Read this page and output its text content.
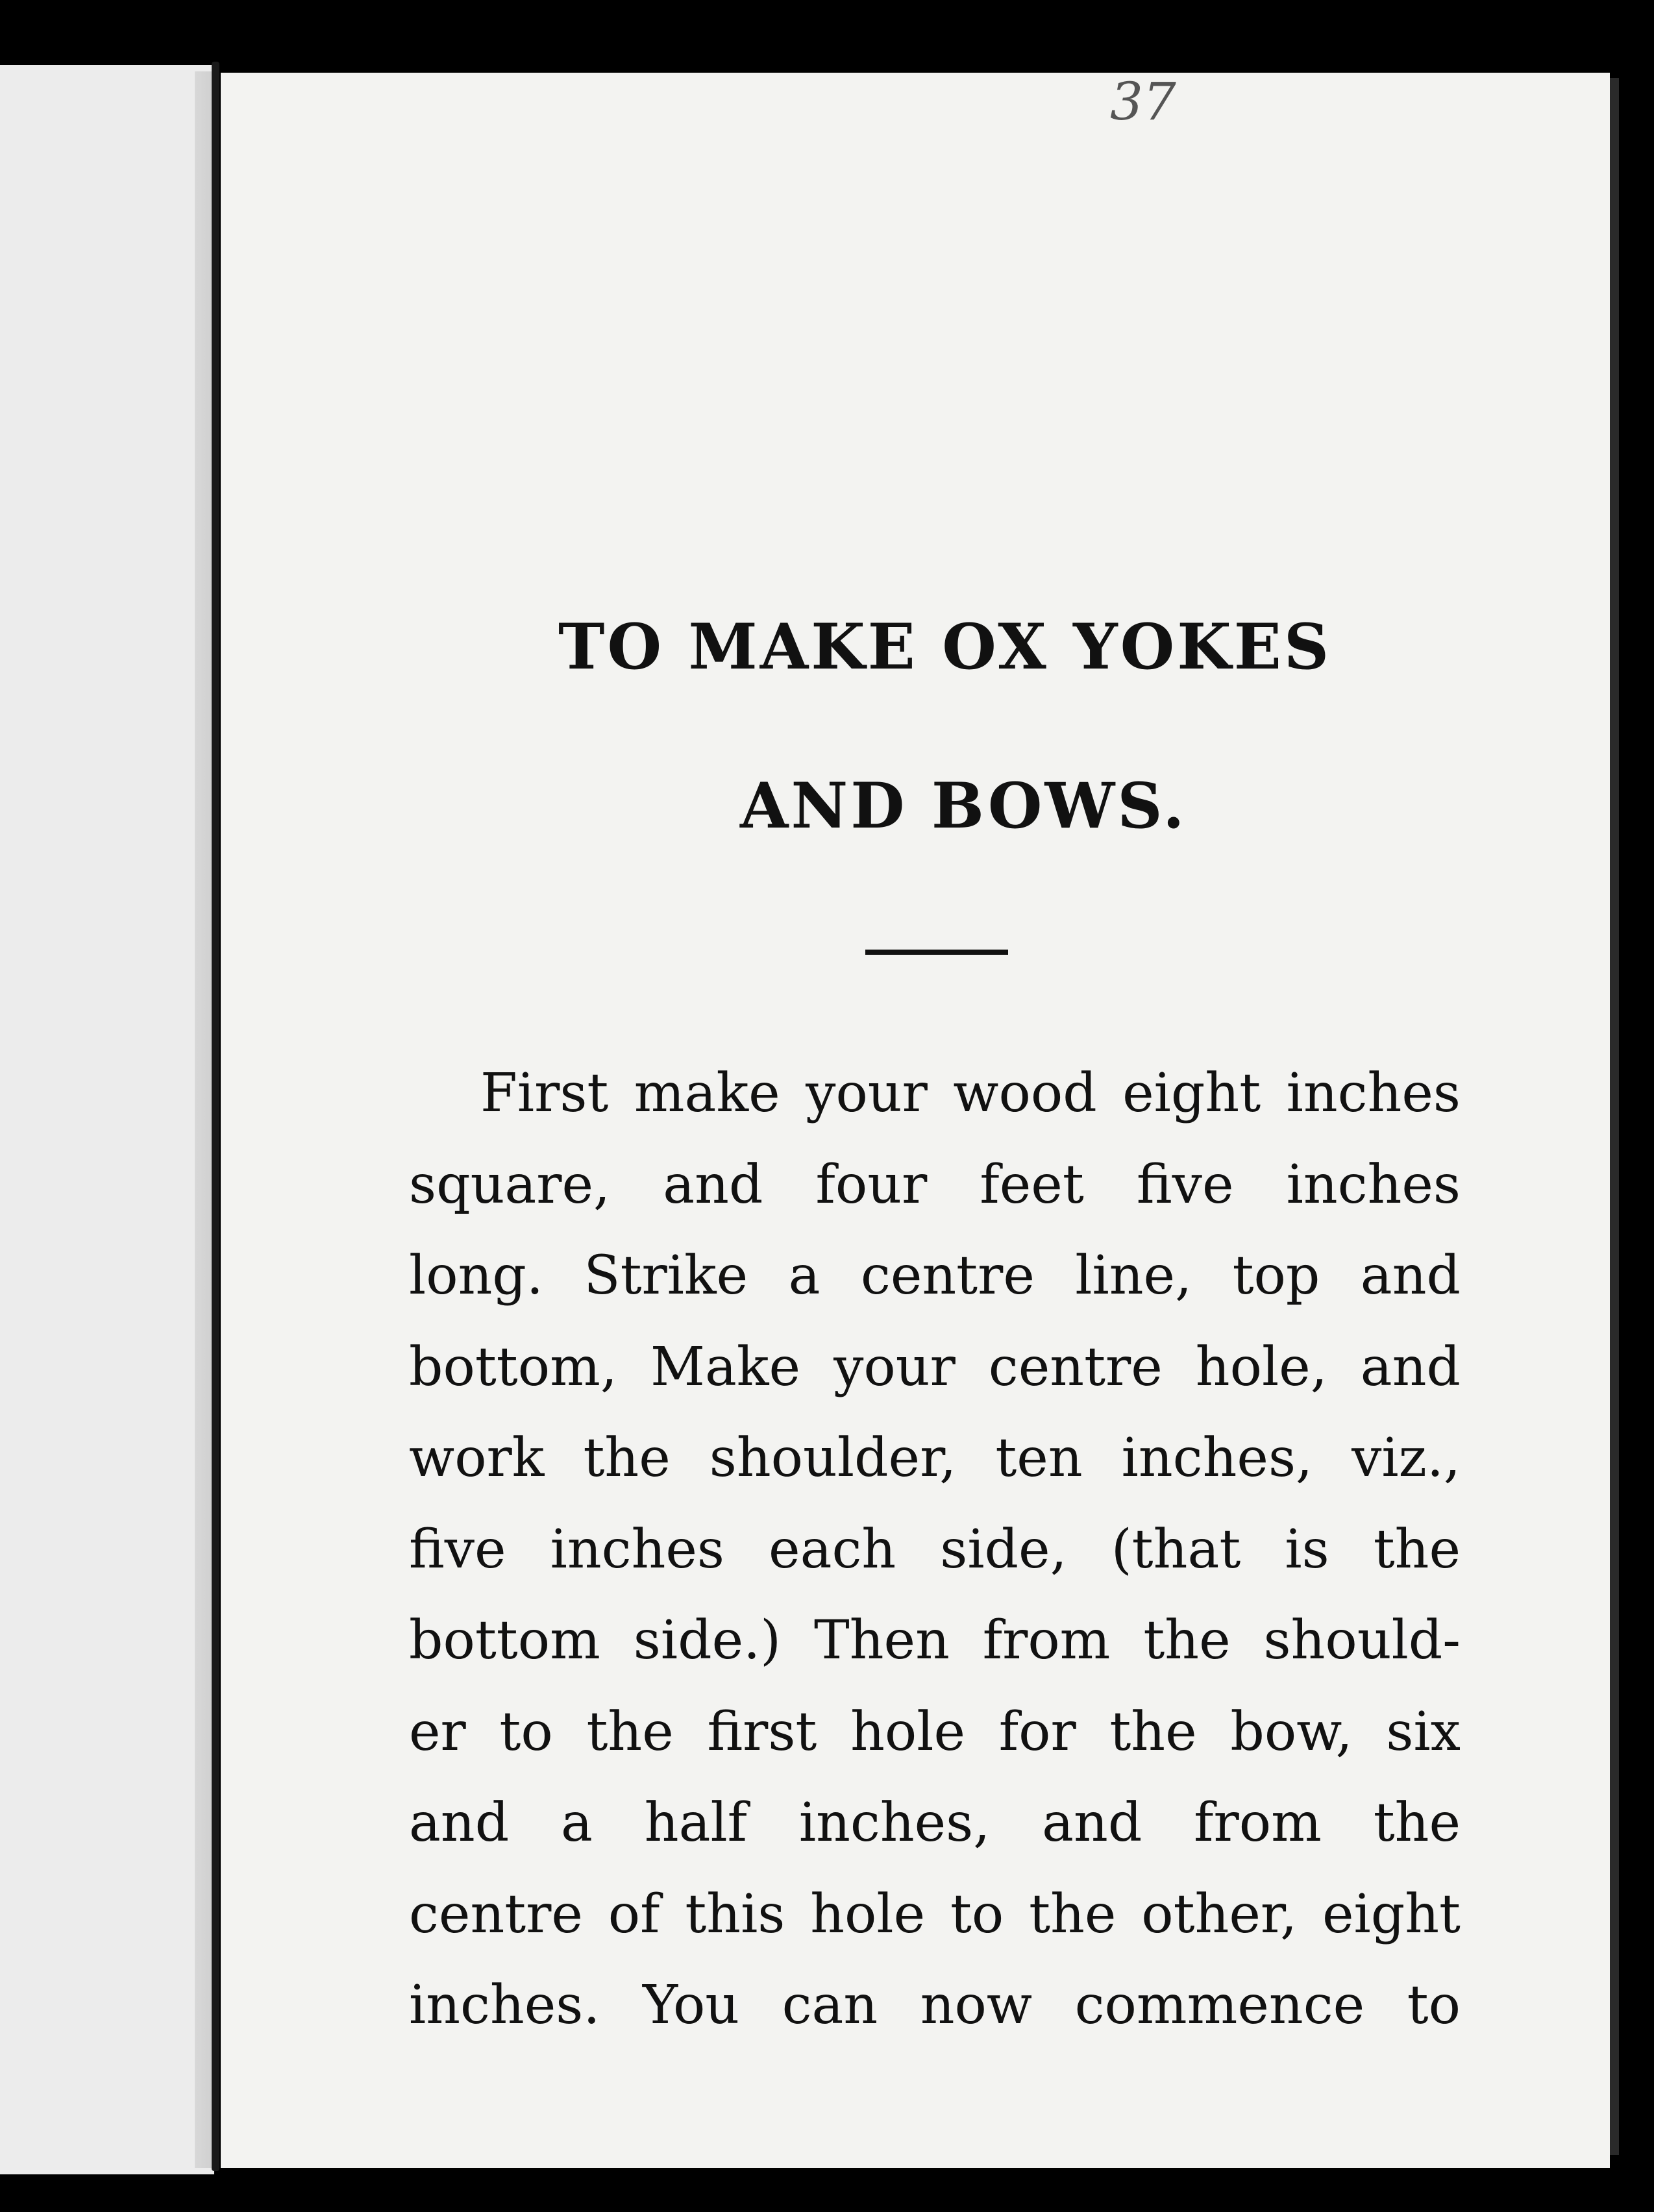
37
TO MAKE OX YOKES
AND BOWS.
First make your wood eight inches
square, and four feet five inches
long. Strike a centre line, top and
bottom, Make your centre hole, and
work the shoulder, ten inches, viz.,
five inches each side, (that is the
bottom side.) Then from the should-
er to the first hole for the bow, six
and a half inches, and from the
centre of this hole to the other, eight
inches. You can now commence to
